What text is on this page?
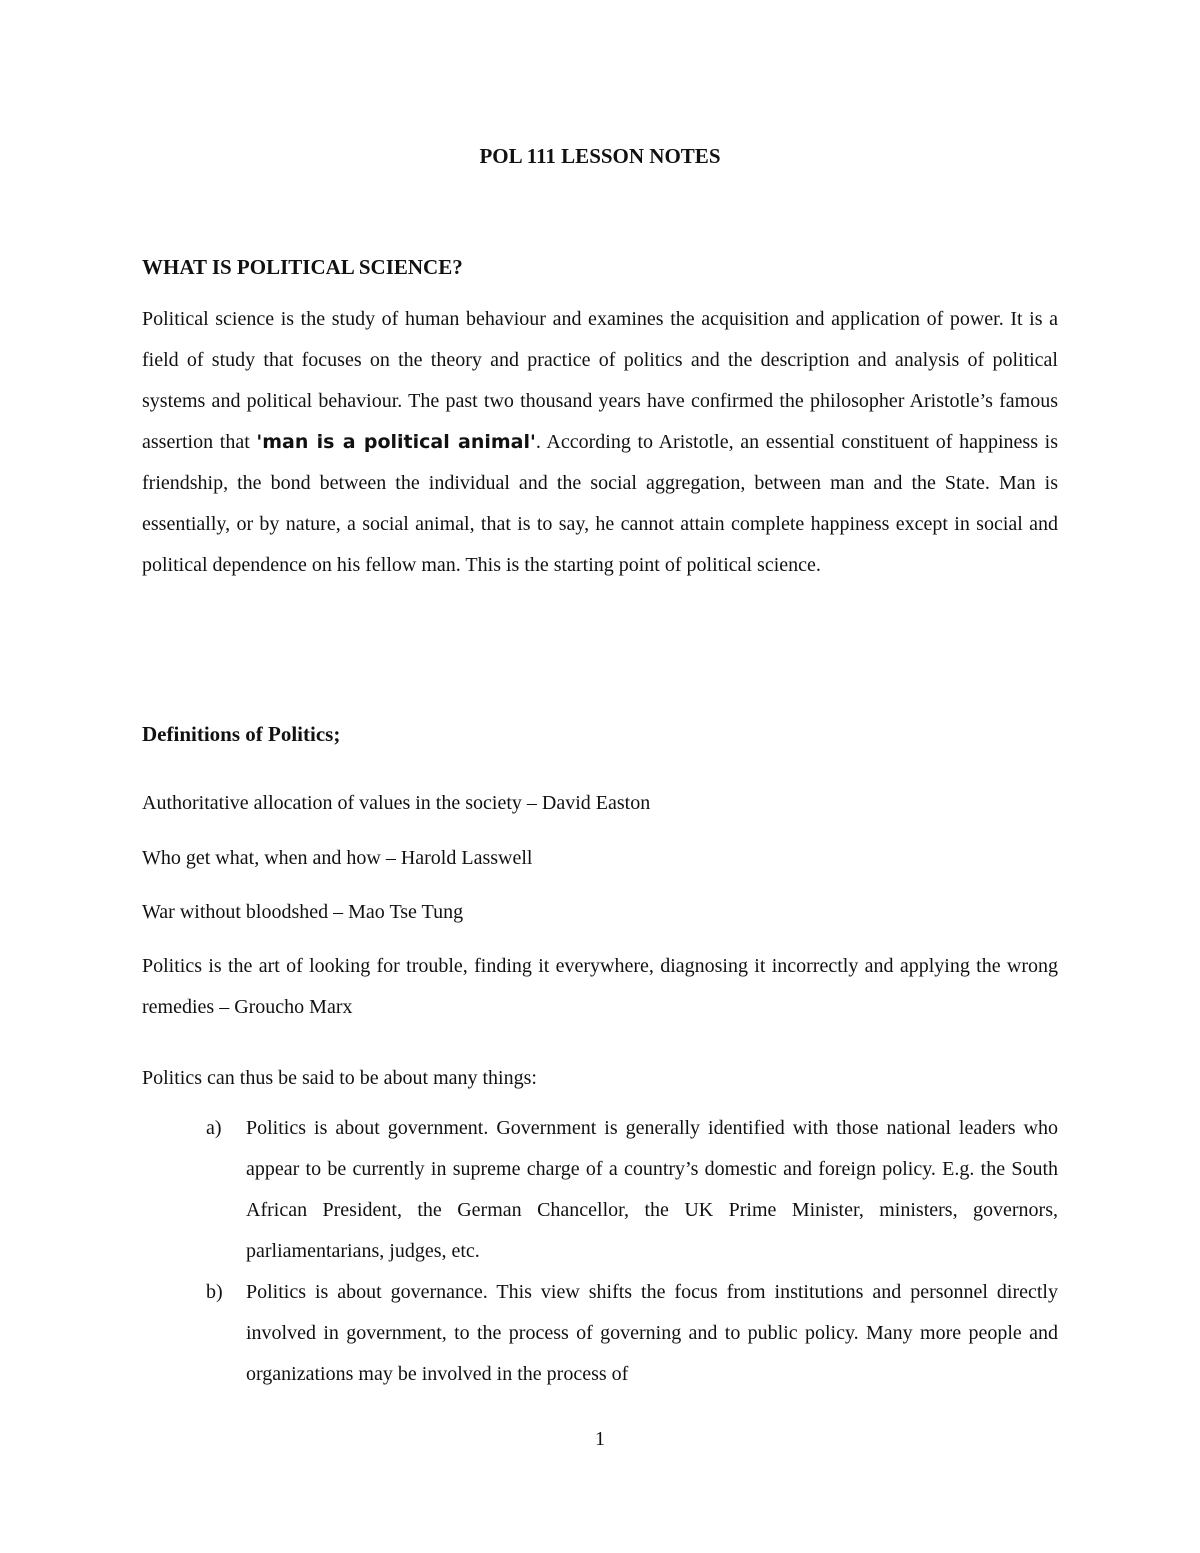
POL 111 LESSON NOTES
WHAT IS POLITICAL SCIENCE?
Political science is the study of human behaviour and examines the acquisition and application of power. It is a field of study that focuses on the theory and practice of politics and the description and analysis of political systems and political behaviour. The past two thousand years have confirmed the philosopher Aristotle’s famous assertion that 'man is a political animal'. According to Aristotle, an essential constituent of happiness is friendship, the bond between the individual and the social aggregation, between man and the State. Man is essentially, or by nature, a social animal, that is to say, he cannot attain complete happiness except in social and political dependence on his fellow man. This is the starting point of political science.
Definitions of Politics;
Authoritative allocation of values in the society – David Easton
Who get what, when and how – Harold Lasswell
War without bloodshed – Mao Tse Tung
Politics is the art of looking for trouble, finding it everywhere, diagnosing it incorrectly and applying the wrong remedies – Groucho Marx
Politics can thus be said to be about many things:
a) Politics is about government. Government is generally identified with those national leaders who appear to be currently in supreme charge of a country’s domestic and foreign policy. E.g. the South African President, the German Chancellor, the UK Prime Minister, ministers, governors, parliamentarians, judges, etc.
b) Politics is about governance. This view shifts the focus from institutions and personnel directly involved in government, to the process of governing and to public policy. Many more people and organizations may be involved in the process of
1
